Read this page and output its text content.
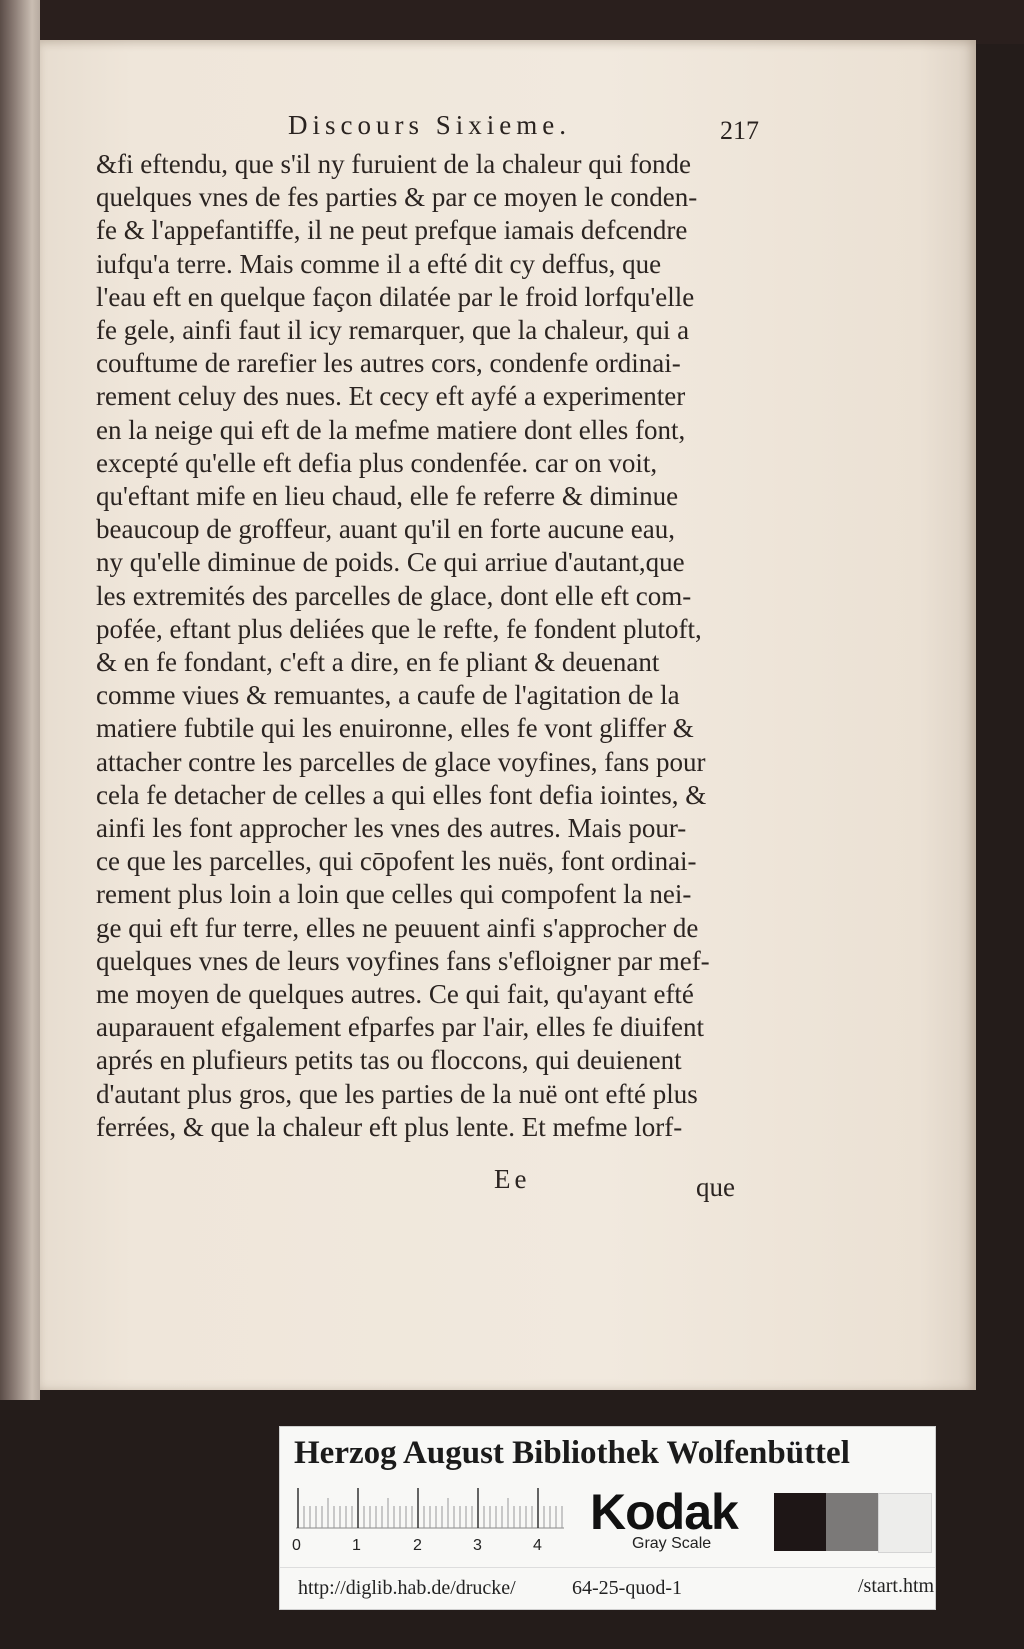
Discours Sixieme.	217
&fi eftendu, que s'il ny furuient de la chaleur qui fonde
quelques vnes de fes parties & par ce moyen le conden-
fe & l'appefantiffe, il ne peut prefque iamais defcendre
iufqu'a terre. Mais comme il a efté dit cy deffus, que
l'eau eft en quelque façon dilatée par le froid lorfqu'elle
fe gele, ainfi faut il icy remarquer, que la chaleur, qui a
couftume de rarefier les autres cors, condenfe ordinai-
rement celuy des nues. Et cecy eft ayfé a experimenter
en la neige qui eft de la mefme matiere dont elles font,
excepté qu'elle eft defia plus condenfée. car on voit,
qu'eftant mife en lieu chaud, elle fe referre & diminue
beaucoup de groffeur, auant qu'il en forte aucune eau,
ny qu'elle diminue de poids. Ce qui arriue d'autant,que
les extremités des parcelles de glace, dont elle eft com-
pofée, eftant plus deliées que le refte, fe fondent plutoft,
& en fe fondant, c'eft a dire, en fe pliant & deuenant
comme viues & remuantes, a caufe de l'agitation de la
matiere fubtile qui les enuironne, elles fe vont gliffer &
attacher contre les parcelles de glace voyfines, fans pour
cela fe detacher de celles a qui elles font defia iointes, &
ainfi les font approcher les vnes des autres. Mais pour-
ce que les parcelles, qui cōpofent les nuës, font ordinai-
rement plus loin a loin que celles qui compofent la nei-
ge qui eft fur terre, elles ne peuuent ainfi s'approcher de
quelques vnes de leurs voyfines fans s'efloigner par mef-
me moyen de quelques autres. Ce qui fait, qu'ayant efté
auparauent efgalement efparfes par l'air, elles fe diuifent
aprés en plufieurs petits tas ou floccons, qui deuienent
d'autant plus gros, que les parties de la nuë ont efté plus
ferrées, & que la chaleur eft plus lente. Et mefme lorf-
Ee	que
Herzog August Bibliothek Wolfenbüttel
0	1	2	3	4
Kodak
Gray Scale
http://diglib.hab.de/drucke/	64-25-quod-1	/start.htm
